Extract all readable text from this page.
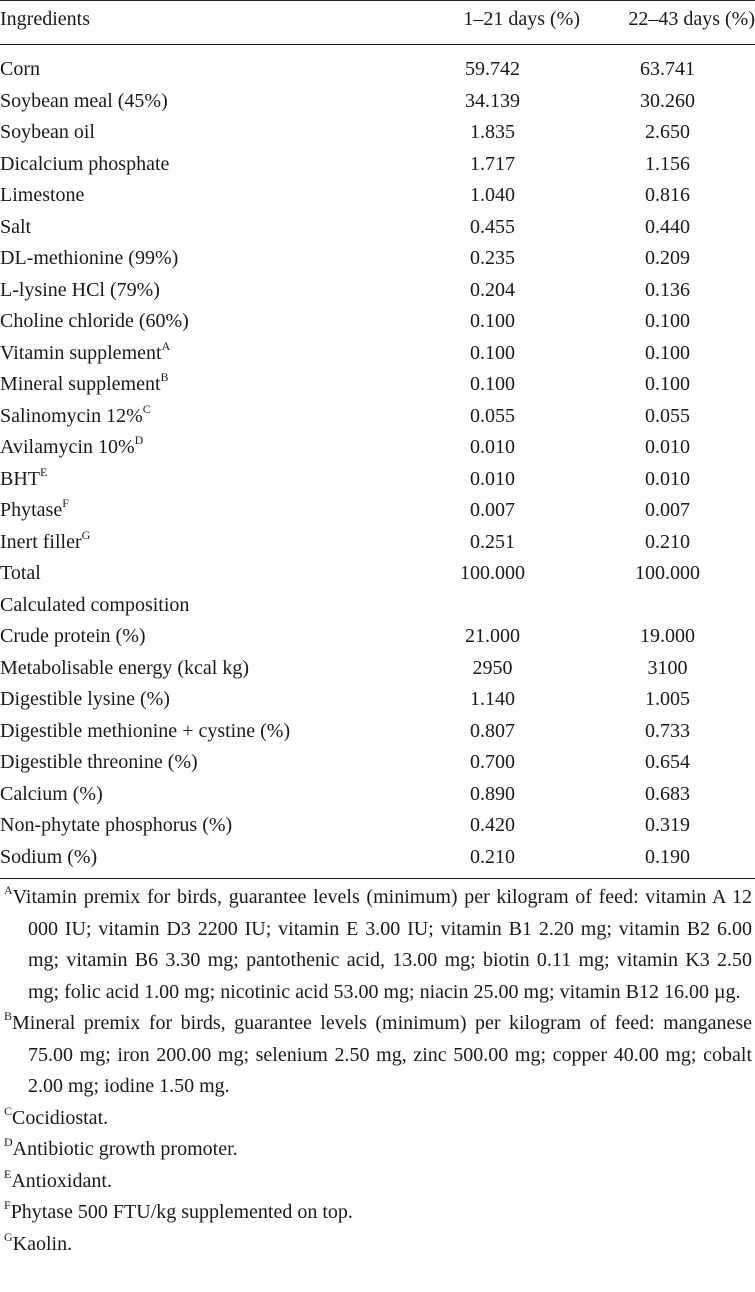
Ingredients	1–21 days (%)	22–43 days (%)
Corn	59.742	63.741
Soybean meal (45%)	34.139	30.260
Soybean oil	1.835	2.650
Dicalcium phosphate	1.717	1.156
Limestone	1.040	0.816
Salt	0.455	0.440
DL-methionine (99%)	0.235	0.209
L-lysine HCl (79%)	0.204	0.136
Choline chloride (60%)	0.100	0.100
Vitamin supplement$^A$	0.100	0.100
Mineral supplement$^B$	0.100	0.100
Salinomycin 12%$^C$	0.055	0.055
Avilamycin 10%$^D$	0.010	0.010
$BHT^E$	0.010	0.010
Phytase$^F$	0.007	0.007
Inert filler$^G$	0.251	0.210
Total	100.000	100.000
Calculated composition		
Crude protein (%)	21.000	19.000
Metabolisable energy (kcal kg)	2950	3100
Digestible lysine (%)	1.140	1.005
Digestible methionine + cystine (%)	0.807	0.733
Digestible threonine (%)	0.700	0.654
Calcium (%)	0.890	0.683
Non-phytate phosphorus (%)	0.420	0.319
Sodium (%)	0.210	0.190
$^A$Vitamin premix for birds, guarantee levels (minimum) per kilogram of feed: vitamin A 12 000 IU; vitamin D3 2200 IU; vitamin E 3.00 IU; vitamin B1 2.20 mg; vitamin B2 6.00 mg; vitamin B6 3.30 mg; pantothenic acid, 13.00 mg; biotin 0.11 mg; vitamin K3 2.50 mg; folic acid 1.00 mg; nicotinic acid 53.00 mg; niacin 25.00 mg; vitamin B12 16.00 µg.
$^B$Mineral premix for birds, guarantee levels (minimum) per kilogram of feed: manganese 75.00 mg; iron 200.00 mg; selenium 2.50 mg, zinc 500.00 mg; copper 40.00 mg; cobalt 2.00 mg; iodine 1.50 mg.
$^C$Cocidiostat.
$^D$Antibiotic growth promoter.
$^E$Antioxidant.
$^F$Phytase 500 FTU/kg supplemented on top.
$^G$Kaolin.
